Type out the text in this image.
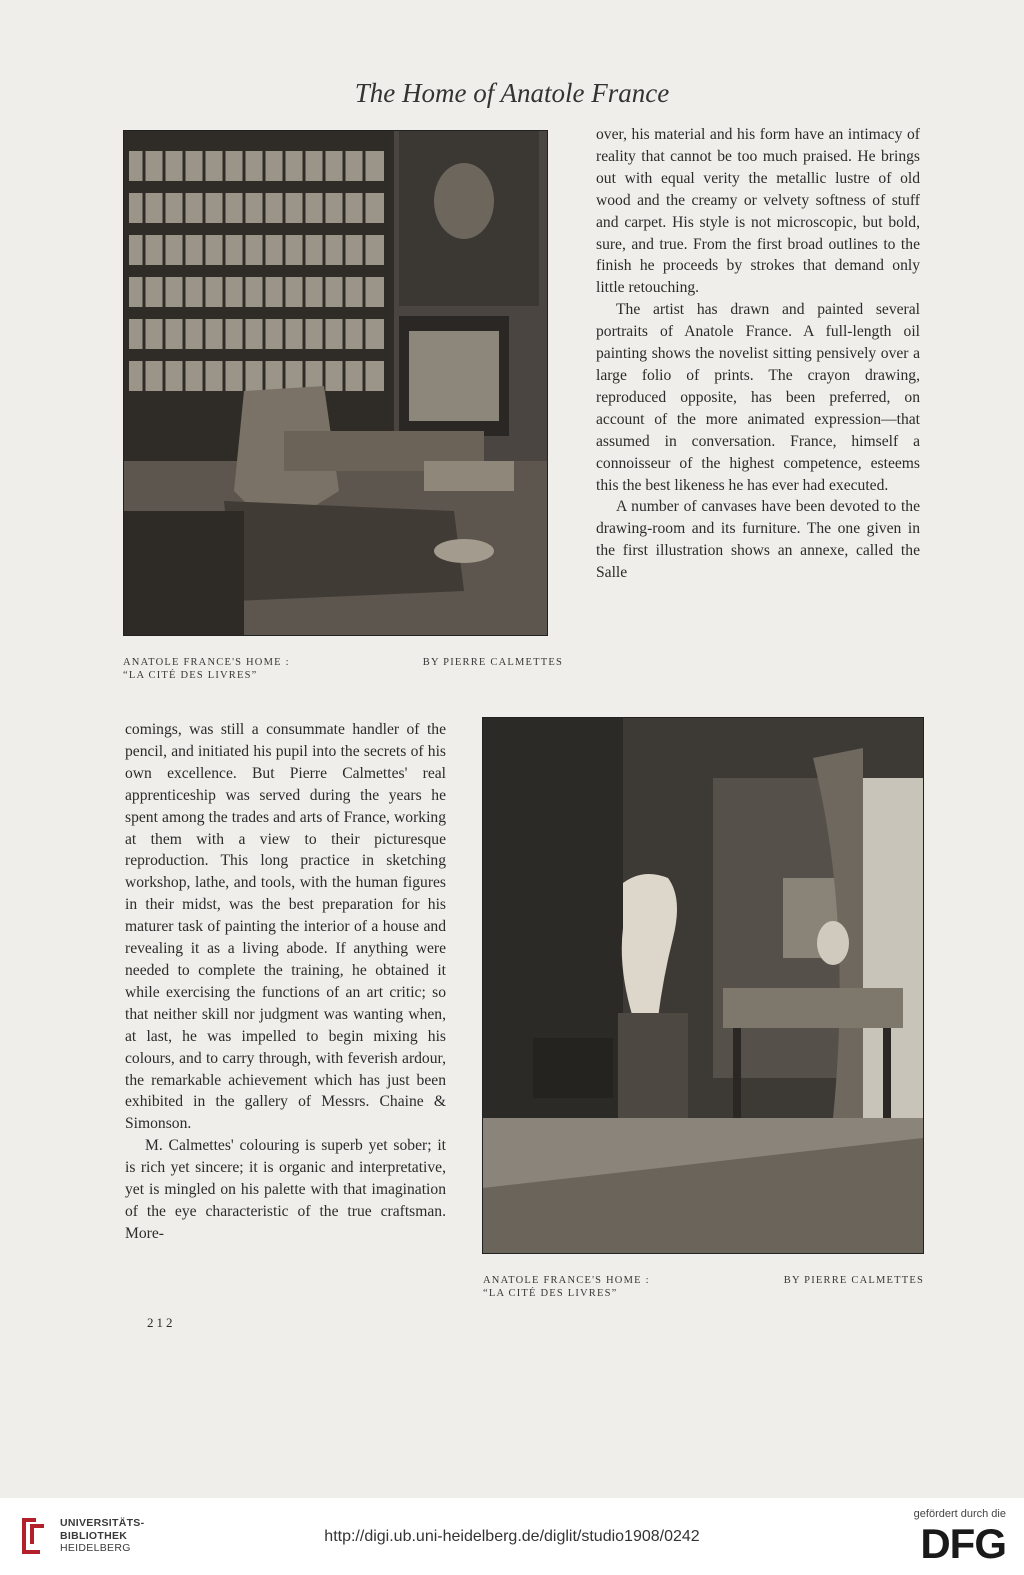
The Home of Anatole France
ANATOLE FRANCE'S HOME :	BY PIERRE CALMETTES
“LA CITÉ DES LIVRES”

over, his material and his form have an intimacy of reality that cannot be too much praised. He brings out with equal verity the metallic lustre of old wood and the creamy or velvety softness of stuff and carpet. His style is not microscopic, but bold, sure, and true. From the first broad outlines to the finish he proceeds by strokes that demand only little retouching.

The artist has drawn and painted several portraits of Anatole France. A full-length oil painting shows the novelist sitting pensively over a large folio of prints. The crayon drawing, reproduced opposite, has been preferred, on account of the more animated expression—that assumed in conversation. France, himself a connoisseur of the highest competence, esteems this the best likeness he has ever had executed.

A number of canvases have been devoted to the drawing-room and its furniture. The one given in the first illustration shows an annexe, called the Salle

comings, was still a consummate handler of the pencil, and initiated his pupil into the secrets of his own excellence. But Pierre Calmettes' real apprenticeship was served during the years he spent among the trades and arts of France, working at them with a view to their picturesque reproduction. This long practice in sketching workshop, lathe, and tools, with the human figures in their midst, was the best preparation for his maturer task of painting the interior of a house and revealing it as a living abode. If anything were needed to complete the training, he obtained it while exercising the functions of an art critic; so that neither skill nor judgment was wanting when, at last, he was impelled to begin mixing his colours, and to carry through, with feverish ardour, the remarkable achievement which has just been exhibited in the gallery of Messrs. Chaine & Simonson.

M. Calmettes' colouring is superb yet sober; it is rich yet sincere; it is organic and interpretative, yet is mingled on his palette with that imagination of the eye characteristic of the true craftsman. More-

ANATOLE FRANCE'S HOME :	BY PIERRE CALMETTES
“LA CITÉ DES LIVRES”
212
UNIVERSITÄTS-
BIBLIOTHEK
HEIDELBERG
http://digi.ub.uni-heidelberg.de/diglit/studio1908/0242
gefördert durch die
DFG
